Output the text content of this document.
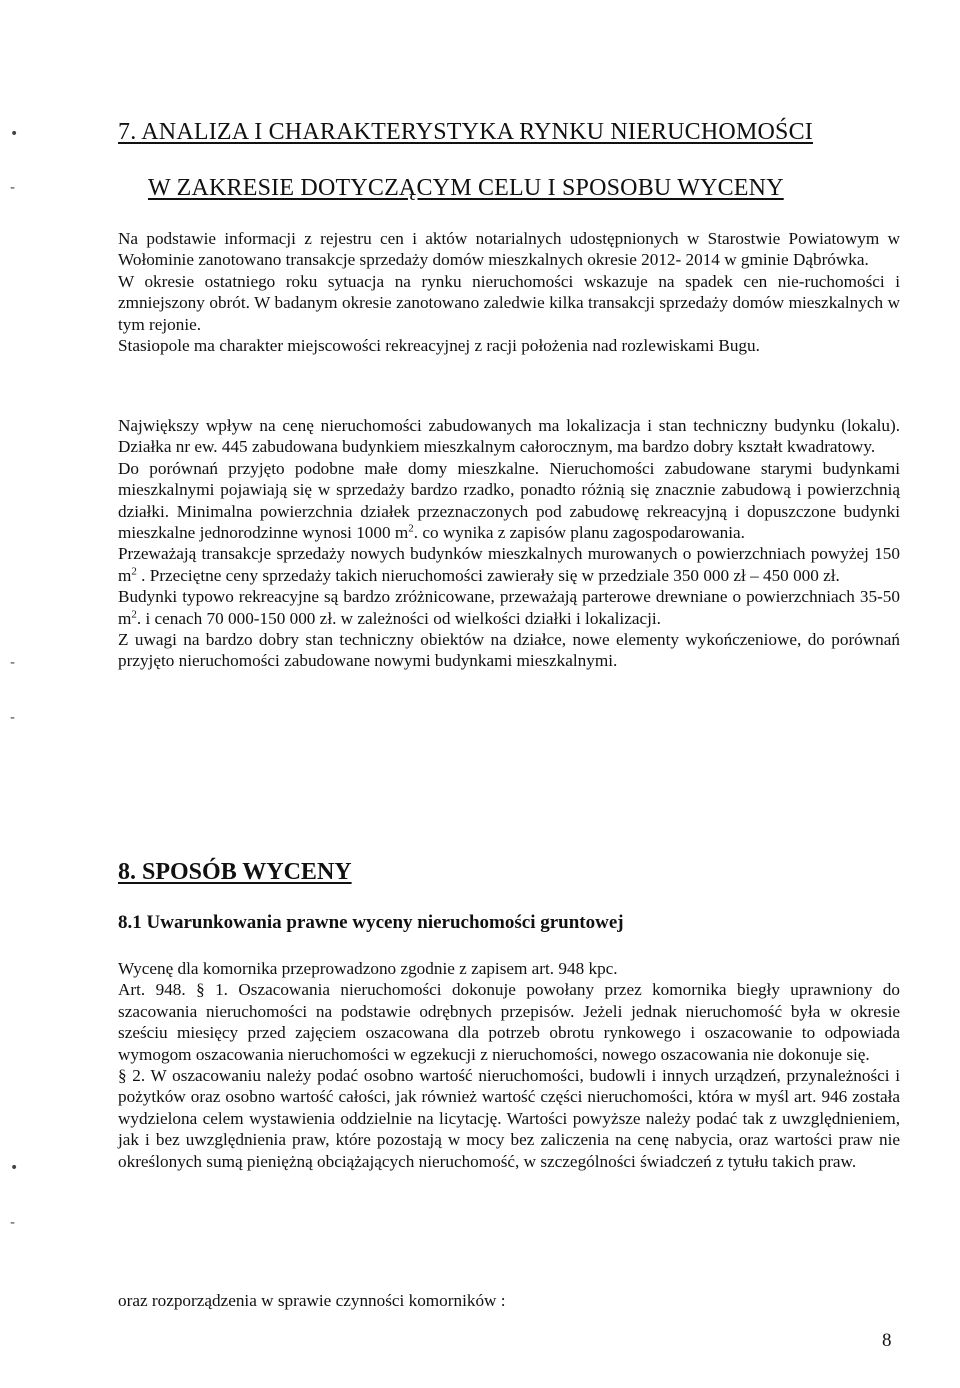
•
-
-
-
•
-
7. ANALIZA I CHARAKTERYSTYKA RYNKU NIERUCHOMOŚCI
W ZAKRESIE DOTYCZĄCYM CELU I SPOSOBU WYCENY

Na podstawie informacji z rejestru cen i aktów notarialnych udostępnionych w Starostwie Powiatowym w Wołominie zanotowano transakcje sprzedaży domów mieszkalnych okresie 2012- 2014 w gminie Dąbrówka.

W okresie ostatniego roku sytuacja na rynku nieruchomości wskazuje na spadek cen nie-ruchomości i zmniejszony obrót. W badanym okresie zanotowano zaledwie kilka transakcji sprzedaży domów mieszkalnych w tym rejonie.

Stasiopole ma charakter miejscowości rekreacyjnej z racji położenia nad rozlewiskami Bugu.

Największy wpływ na cenę nieruchomości zabudowanych ma lokalizacja i stan techniczny budynku (lokalu). Działka nr ew. 445 zabudowana budynkiem mieszkalnym całorocznym, ma bardzo dobry kształt kwadratowy.

Do porównań przyjęto podobne małe domy mieszkalne. Nieruchomości zabudowane starymi budynkami mieszkalnymi pojawiają się w sprzedaży bardzo rzadko, ponadto różnią się znacznie zabudową i powierzchnią działki. Minimalna powierzchnia działek przeznaczonych pod zabudowę rekreacyjną i dopuszczone budynki mieszkalne jednorodzinne wynosi 1000 $m^2$. co wynika z zapisów planu zagospodarowania.

Przeważają transakcje sprzedaży nowych budynków mieszkalnych murowanych o powierzchniach powyżej 150 $m^2$ . Przeciętne ceny sprzedaży takich nieruchomości zawierały się w przedziale 350 000 zł – 450 000 zł.

Budynki typowo rekreacyjne są bardzo zróżnicowane, przeważają parterowe drewniane o powierzchniach 35-50 $m^2$. i cenach 70 000-150 000 zł. w zależności od wielkości działki i lokalizacji.

Z uwagi na bardzo dobry stan techniczny obiektów na działce, nowe elementy wykończeniowe, do porównań przyjęto nieruchomości zabudowane nowymi budynkami mieszkalnymi.

8. SPOSÓB WYCENY
8.1 Uwarunkowania prawne wyceny nieruchomości gruntowej

Wycenę dla komornika przeprowadzono zgodnie z zapisem art. 948 kpc.

Art. 948. § 1. Oszacowania nieruchomości dokonuje powołany przez komornika biegły uprawniony do szacowania nieruchomości na podstawie odrębnych przepisów. Jeżeli jednak nieruchomość była w okresie sześciu miesięcy przed zajęciem oszacowana dla potrzeb obrotu rynkowego i oszacowanie to odpowiada wymogom oszacowania nieruchomości w egzekucji z nieruchomości, nowego oszacowania nie dokonuje się.

§ 2. W oszacowaniu należy podać osobno wartość nieruchomości, budowli i innych urządzeń, przynależności i pożytków oraz osobno wartość całości, jak również wartość części nieruchomości, która w myśl art. 946 została wydzielona celem wystawienia oddzielnie na licytację. Wartości powyższe należy podać tak z uwzględnieniem, jak i bez uwzględnienia praw, które pozostają w mocy bez zaliczenia na cenę nabycia, oraz wartości praw nie określonych sumą pieniężną obciążających nieruchomość, w szczególności świadczeń z tytułu takich praw.

oraz rozporządzenia w sprawie czynności komorników :

8
